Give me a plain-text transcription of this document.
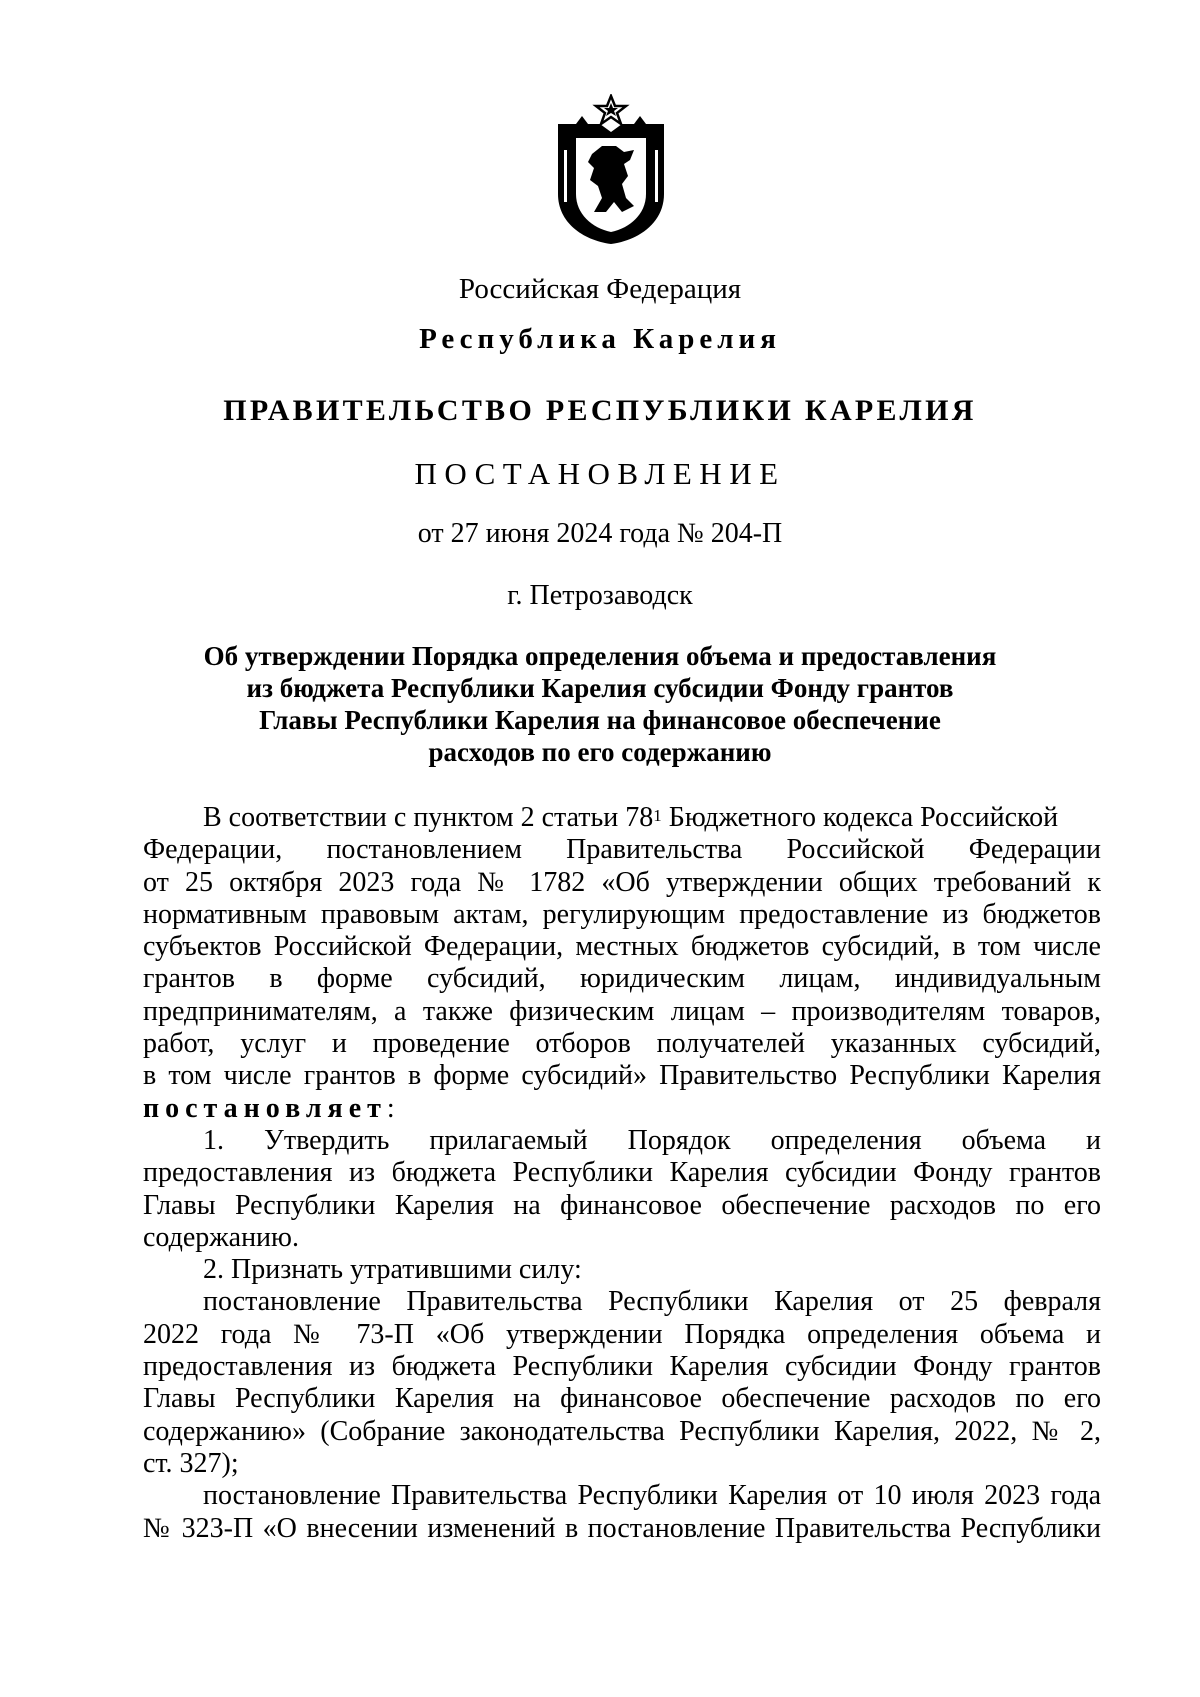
Российская Федерация
Республика Карелия
ПРАВИТЕЛЬСТВО РЕСПУБЛИКИ КАРЕЛИЯ
ПОСТАНОВЛЕНИЕ
от 27 июня 2024 года № 204-П
г. Петрозаводск
Об утверждении Порядка определения объема и предоставления
из бюджета Республики Карелия субсидии Фонду грантов
Главы Республики Карелия на финансовое обеспечение
расходов по его содержанию
В соответствии с пунктом 2 статьи $78^1$ Бюджетного кодекса Российской
Федерации, постановлением Правительства Российской Федерации
от 25 октября 2023 года № 1782 «Об утверждении общих требований к
нормативным правовым актам, регулирующим предоставление из бюджетов
субъектов Российской Федерации, местных бюджетов субсидий, в том числе
грантов в форме субсидий, юридическим лицам, индивидуальным
предпринимателям, а также физическим лицам – производителям товаров,
работ, услуг и проведение отборов получателей указанных субсидий,
в том числе грантов в форме субсидий» Правительство Республики Карелия
постановляет:
1. Утвердить прилагаемый Порядок определения объема и
предоставления из бюджета Республики Карелия субсидии Фонду грантов
Главы Республики Карелия на финансовое обеспечение расходов по его
содержанию.
2. Признать утратившими силу:
постановление Правительства Республики Карелия от 25 февраля
2022 года № 73-П «Об утверждении Порядка определения объема и
предоставления из бюджета Республики Карелия субсидии Фонду грантов
Главы Республики Карелия на финансовое обеспечение расходов по его
содержанию» (Собрание законодательства Республики Карелия, 2022, № 2,
ст. 327);
постановление Правительства Республики Карелия от 10 июля 2023 года
№ 323-П «О внесении изменений в постановление Правительства Республики
